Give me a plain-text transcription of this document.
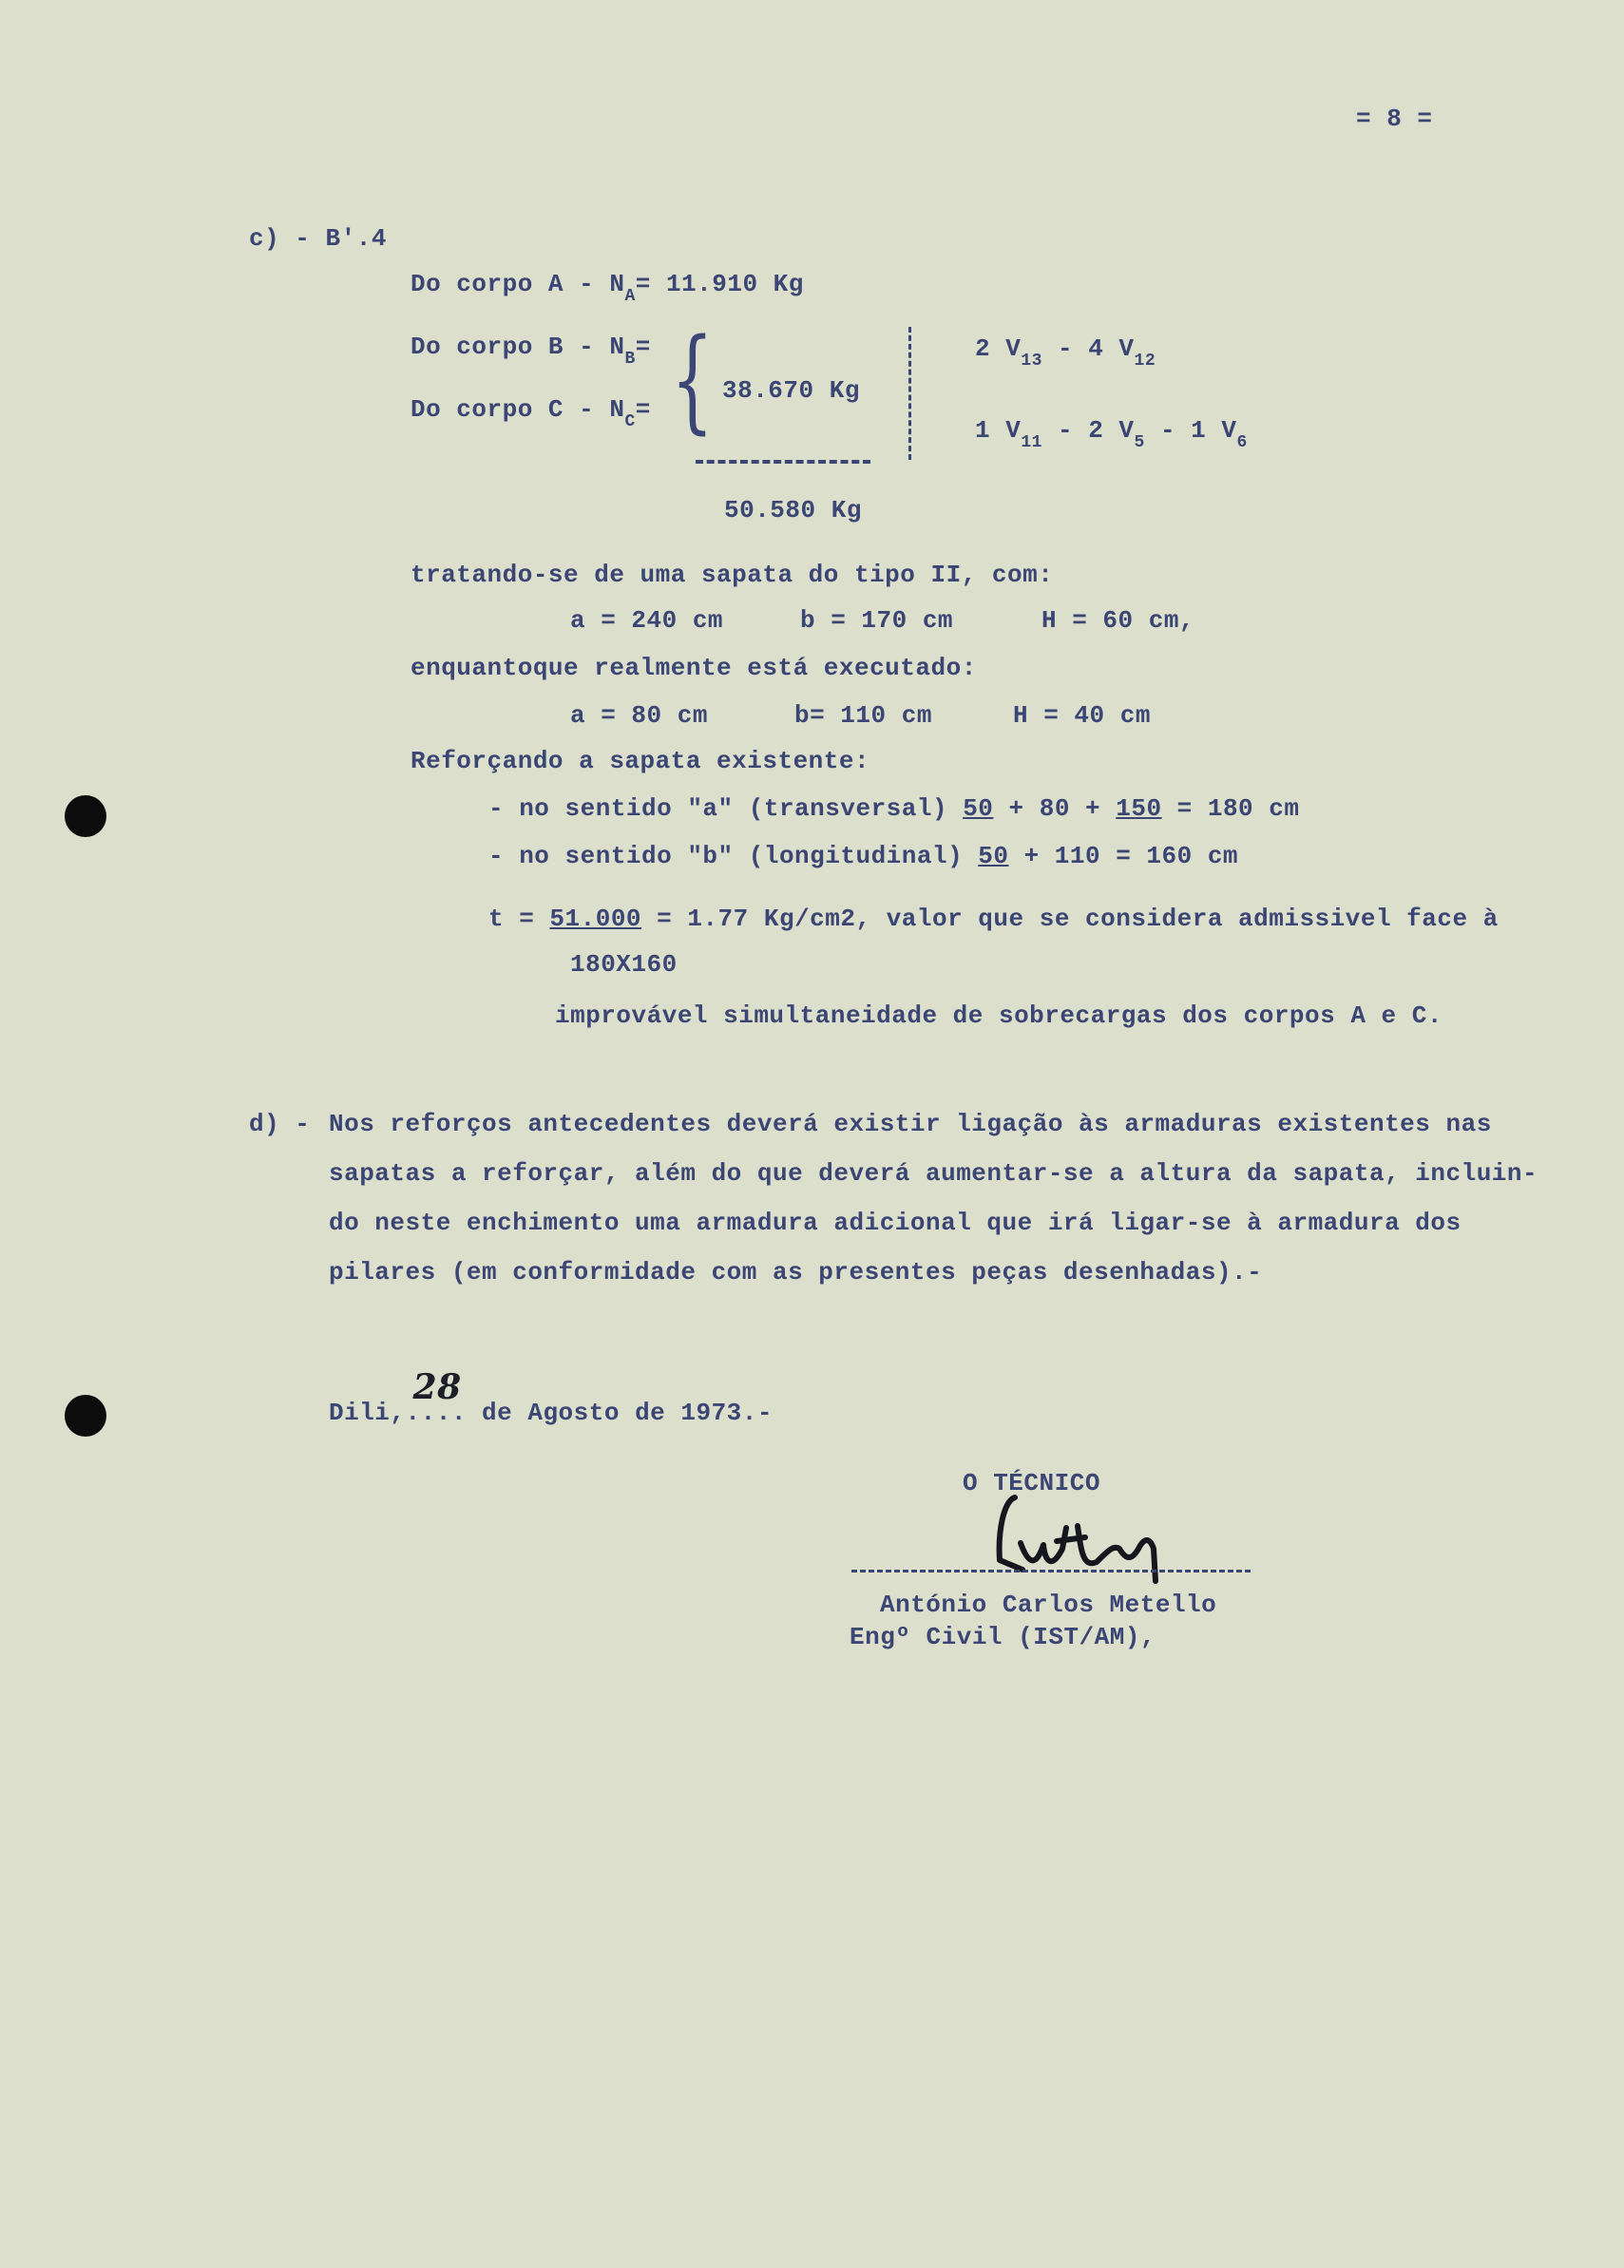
= 8 =
c) - B'.4
Do corpo $A - N_A= 11.910$ Kg
Do corpo $B - N_B=$
Do corpo $C - N_C=$ { 38.670 Kg
50.580 Kg
2 $V_{13} - 4$ $V_{12}$
1 $V_{11} - 2$ $V_5 - 1$ $V_6$
tratando-se de uma sapata do tipo II, com:
a = 240 cm	b = 170 cm	H = 60 cm,
enquantoque realmente está executado:
a = 80 cm	b= 110 cm	H = 40 cm
Reforçando a sapata existente:
- no sentido "a" (transversal) 50 + 80 + 150 = 180 cm
- no sentido "b" (longitudinal) 50 + 110 = 160 cm
t = 51.000 = 1.77 Kg/cm2, valor que se considera admissivel face à
180X160
improvável simultaneidade de sobrecargas dos corpos A e C.
d) - Nos reforços antecedentes deverá existir ligação às armaduras existentes nas
sapatas a reforçar, além do que deverá aumentar-se a altura da sapata, incluin-
do neste enchimento uma armadura adicional que irá ligar-se à armadura dos
pilares (em conformidade com as presentes peças desenhadas).-
Dili,
28
.... de Agosto de 1973.-
O TÉCNICO
António Carlos Metello
Engº Civil (IST/AM),
